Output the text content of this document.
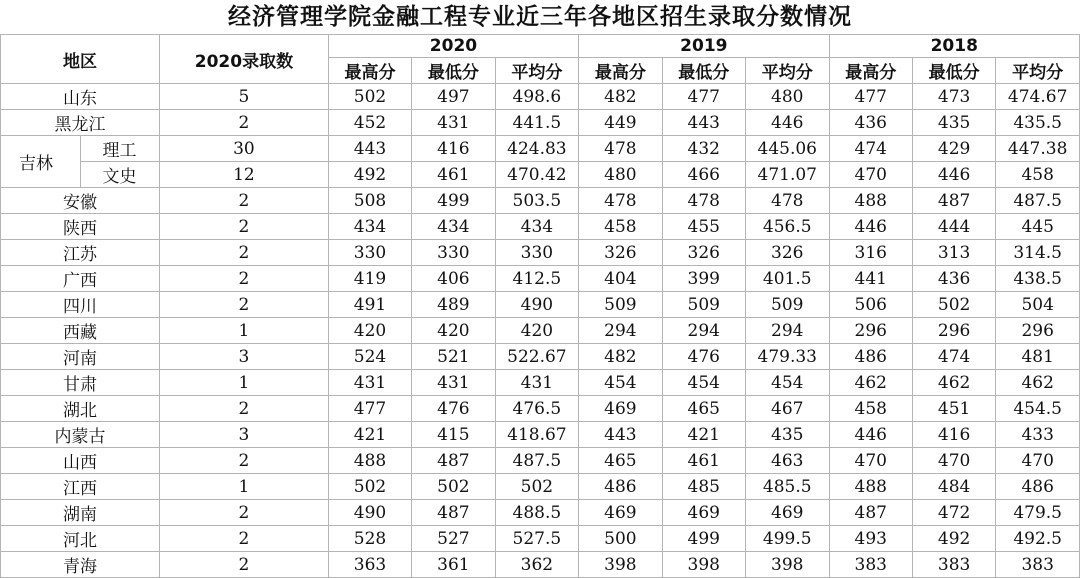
经济管理学院金融工程专业近三年各地区招生录取分数情况
地区		2020录取数	2020			2019			2018		
			最高分	最低分	平均分	最高分	最低分	平均分	最高分	最低分	平均分
山东		5	502	497	498.6	482	477	480	477	473	474.67
黑龙江		2	452	431	441.5	449	443	446	436	435	435.5
吉林	理工	30	443	416	424.83	478	432	445.06	474	429	447.38
	文史	12	492	461	470.42	480	466	471.07	470	446	458
安徽		2	508	499	503.5	478	478	478	488	487	487.5
陕西		2	434	434	434	458	455	456.5	446	444	445
江苏		2	330	330	330	326	326	326	316	313	314.5
广西		2	419	406	412.5	404	399	401.5	441	436	438.5
四川		2	491	489	490	509	509	509	506	502	504
西藏		1	420	420	420	294	294	294	296	296	296
河南		3	524	521	522.67	482	476	479.33	486	474	481
甘肃		1	431	431	431	454	454	454	462	462	462
湖北		2	477	476	476.5	469	465	467	458	451	454.5
内蒙古		3	421	415	418.67	443	421	435	446	416	433
山西		2	488	487	487.5	465	461	463	470	470	470
江西		1	502	502	502	486	485	485.5	488	484	486
湖南		2	490	487	488.5	469	469	469	487	472	479.5
河北		2	528	527	527.5	500	499	499.5	493	492	492.5
青海		2	363	361	362	398	398	398	383	383	383
